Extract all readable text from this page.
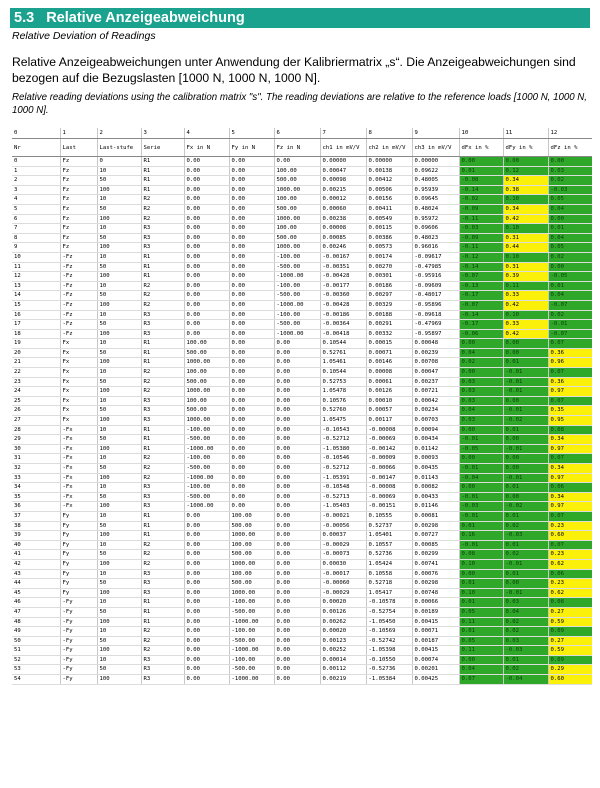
5.3 Relative Anzeigeabweichung
Relative Deviation of Readings
Relative Anzeigeabweichungen unter Anwendung der Kalibriermatrix „s“. Die Anzeigeabweichungen sind bezogen auf die Bezugslasten [1000 N, 1000 N, 1000 N].
Relative reading deviations using the calibration matrix "s". The reading deviations are relative to the reference loads [1000 N, 1000 N, 1000 N].
0	1	2	3	4	5	6	7	8	9	10	11	12
Nr	Last	Last-stufe	Serie	Fx in N	Fy in N	Fz in N	ch1 in mV/V	ch2 in mV/V	ch3 in mV/V	dFx in %	dFy in %	dFz in %
0	Fz	0	R1	0.00	0.00	0.00	0.00000	0.00000	0.00000	0.00	0.00	0.00
1	Fz	10	R1	0.00	0.00	100.00	0.00047	0.00138	0.09622	0.01	0.12	0.03
2	Fz	50	R1	0.00	0.00	500.00	0.00098	0.00412	0.48005	-0.08	0.34	0.02
3	Fz	100	R1	0.00	0.00	1000.00	0.00215	0.00506	0.95939	-0.14	0.38	-0.03
4	Fz	10	R2	0.00	0.00	100.00	0.00012	0.00156	0.09645	-0.02	0.10	0.05
5	Fz	50	R2	0.00	0.00	500.00	0.00060	0.00411	0.48024	-0.09	0.34	0.04
6	Fz	100	R2	0.00	0.00	1000.00	0.00238	0.00549	0.95972	-0.11	0.42	0.00
7	Fz	10	R3	0.00	0.00	100.00	0.00008	0.00115	0.09606	-0.03	0.10	0.01
8	Fz	50	R3	0.00	0.00	500.00	0.00085	0.00386	0.48023	-0.09	0.31	0.04
9	Fz	100	R3	0.00	0.00	1000.00	0.00246	0.00573	0.96016	-0.11	0.44	0.05
10	-Fz	10	R1	0.00	0.00	-100.00	-0.00167	0.00174	-0.09617	-0.12	0.10	0.02
11	-Fz	50	R1	0.00	0.00	-500.00	-0.00351	0.00270	-0.47985	-0.14	0.31	0.00
12	-Fz	100	R1	0.00	0.00	-1000.00	-0.00428	0.00301	-0.95916	-0.07	0.39	-0.05
13	-Fz	10	R2	0.00	0.00	-100.00	-0.00177	0.00186	-0.09609	-0.13	0.11	0.01
14	-Fz	50	R2	0.00	0.00	-500.00	-0.00360	0.00297	-0.48017	-0.17	0.33	0.04
15	-Fz	100	R2	0.00	0.00	-1000.00	-0.00428	0.00329	-0.95896	-0.07	0.42	-0.07
16	-Fz	10	R3	0.00	0.00	-100.00	-0.00186	0.00188	-0.09618	-0.14	0.10	0.02
17	-Fz	50	R3	0.00	0.00	-500.00	-0.00364	0.00291	-0.47969	-0.17	0.33	-0.01
18	-Fz	100	R3	0.00	0.00	-1000.00	-0.00418	0.00332	-0.95897	-0.06	0.42	-0.07
19	Fx	10	R1	100.00	0.00	0.00	0.10544	0.00015	0.00048	0.00	0.00	0.07
20	Fx	50	R1	500.00	0.00	0.00	0.52761	0.00071	0.00239	0.04	0.00	0.36
21	Fx	100	R1	1000.00	0.00	0.00	1.05461	0.00146	0.00708	0.02	0.01	0.96
22	Fx	10	R2	100.00	0.00	0.00	0.10544	0.00008	0.00047	0.00	-0.01	0.07
23	Fx	50	R2	500.00	0.00	0.00	0.52753	0.00061	0.00237	0.03	-0.01	0.36
24	Fx	100	R2	1000.00	0.00	0.00	1.05478	0.00126	0.00721	0.03	-0.01	0.97
25	Fx	10	R3	100.00	0.00	0.00	0.10576	0.00010	0.00042	0.03	0.00	0.07
26	Fx	50	R3	500.00	0.00	0.00	0.52760	0.00057	0.00234	0.04	-0.01	0.35
27	Fx	100	R3	1000.00	0.00	0.00	1.05475	0.00117	0.00703	0.03	-0.02	0.95
28	-Fx	10	R1	-100.00	0.00	0.00	-0.10543	-0.00008	0.00094	0.00	0.01	0.08
29	-Fx	50	R1	-500.00	0.00	0.00	-0.52712	-0.00069	0.00434	-0.01	0.00	0.34
30	-Fx	100	R1	-1000.00	0.00	0.00	-1.05380	-0.00142	0.01142	-0.05	-0.01	0.97
31	-Fx	10	R2	-100.00	0.00	0.00	-0.10546	-0.00009	0.00093	0.00	0.00	0.07
32	-Fx	50	R2	-500.00	0.00	0.00	-0.52712	-0.00066	0.00435	-0.01	0.00	0.34
33	-Fx	100	R2	-1000.00	0.00	0.00	-1.05391	-0.00147	0.01143	-0.04	-0.01	0.97
34	-Fx	10	R3	-100.00	0.00	0.00	-0.10548	-0.00008	0.00082	0.00	0.01	0.06
35	-Fx	50	R3	-500.00	0.00	0.00	-0.52713	-0.00069	0.00433	-0.01	0.00	0.34
36	-Fx	100	R3	-1000.00	0.00	0.00	-1.05403	-0.00151	0.01146	-0.03	-0.02	0.97
37	Fy	10	R1	0.00	100.00	0.00	-0.00021	0.10555	0.00081	-0.01	0.01	0.07
38	Fy	50	R1	0.00	500.00	0.00	-0.00056	0.52737	0.00298	0.01	0.02	0.23
39	Fy	100	R1	0.00	1000.00	0.00	0.00037	1.05401	0.00727	0.16	-0.03	0.60
40	Fy	10	R2	0.00	100.00	0.00	-0.00029	0.10557	0.00085	-0.01	0.01	0.07
41	Fy	50	R2	0.00	500.00	0.00	-0.00073	0.52736	0.00299	0.08	0.02	0.23
42	Fy	100	R2	0.00	1000.00	0.00	0.00030	1.05424	0.00741	0.10	-0.01	0.62
43	Fy	10	R3	0.00	100.00	0.00	-0.00017	0.10558	0.00076	0.00	0.01	0.06
44	Fy	50	R3	0.00	500.00	0.00	-0.00060	0.52718	0.00298	0.01	0.00	0.23
45	Fy	100	R3	0.00	1000.00	0.00	-0.00029	1.05417	0.00748	0.10	-0.01	0.62
46	-Fy	10	R1	0.00	-100.00	0.00	0.00020	-0.10578	0.00066	0.01	0.03	0.08
47	-Fy	50	R1	0.00	-500.00	0.00	0.00126	-0.52754	0.00189	0.05	0.04	0.27
48	-Fy	100	R1	0.00	-1000.00	0.00	0.00262	-1.05450	0.00415	0.11	0.02	0.59
49	-Fy	10	R2	0.00	-100.00	0.00	0.00020	-0.10569	0.00071	0.01	0.02	0.09
50	-Fy	50	R2	0.00	-500.00	0.00	0.00123	-0.52742	0.00187	0.05	0.03	0.27
51	-Fy	100	R2	0.00	-1000.00	0.00	0.00252	-1.05398	0.00415	0.11	-0.03	0.59
52	-Fy	10	R3	0.00	-100.00	0.00	0.00014	-0.10550	0.00074	0.00	0.01	0.09
53	-Fy	50	R3	0.00	-500.00	0.00	0.00112	-0.52736	0.00201	0.04	0.02	0.29
54	-Fy	100	R3	0.00	-1000.00	0.00	0.00219	-1.05384	0.00425	0.07	-0.04	0.60
